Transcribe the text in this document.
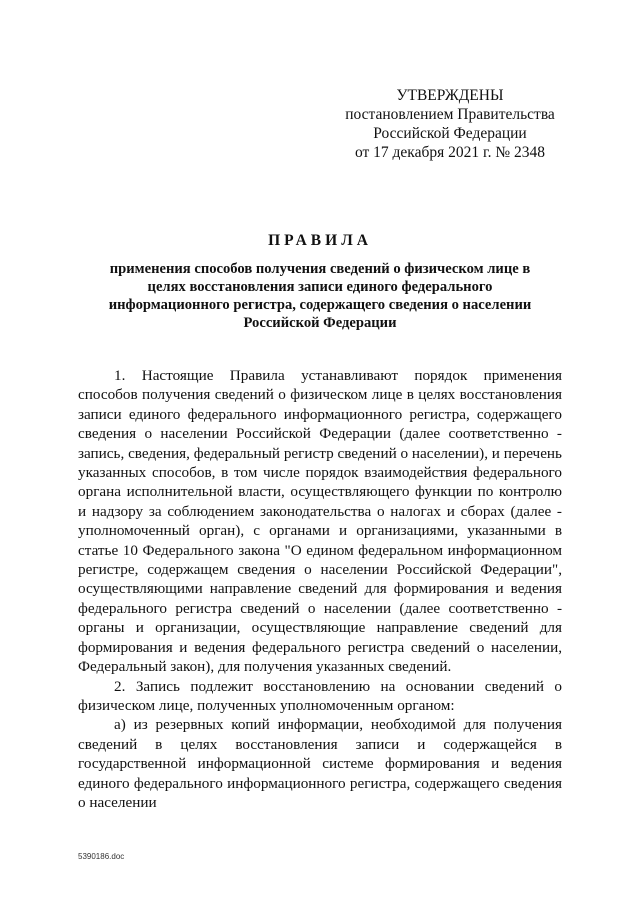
УТВЕРЖДЕНЫ
постановлением Правительства
Российской Федерации
от 17 декабря 2021 г. № 2348
ПРАВИЛА
применения способов получения сведений о физическом лице в целях восстановления записи единого федерального информационного регистра, содержащего сведения о населении Российской Федерации

1. Настоящие Правила устанавливают порядок применения способов получения сведений о физическом лице в целях восстановления записи единого федерального информационного регистра, содержащего сведения о населении Российской Федерации (далее соответственно - запись, сведения, федеральный регистр сведений о населении), и перечень указанных способов, в том числе порядок взаимодействия федерального органа исполнительной власти, осуществляющего функции по контролю и надзору за соблюдением законодательства о налогах и сборах (далее - уполномоченный орган), с органами и организациями, указанными в статье 10 Федерального закона "О едином федеральном информационном регистре, содержащем сведения о населении Российской Федерации", осуществляющими направление сведений для формирования и ведения федерального регистра сведений о населении (далее соответственно - органы и организации, осуществляющие направление сведений для формирования и ведения федерального регистра сведений о населении, Федеральный закон), для получения указанных сведений.

2. Запись подлежит восстановлению на основании сведений о физическом лице, полученных уполномоченным органом:

а) из резервных копий информации, необходимой для получения сведений в целях восстановления записи и содержащейся в государственной информационной системе формирования и ведения единого федерального информационного регистра, содержащего сведения о населении

5390186.doc
